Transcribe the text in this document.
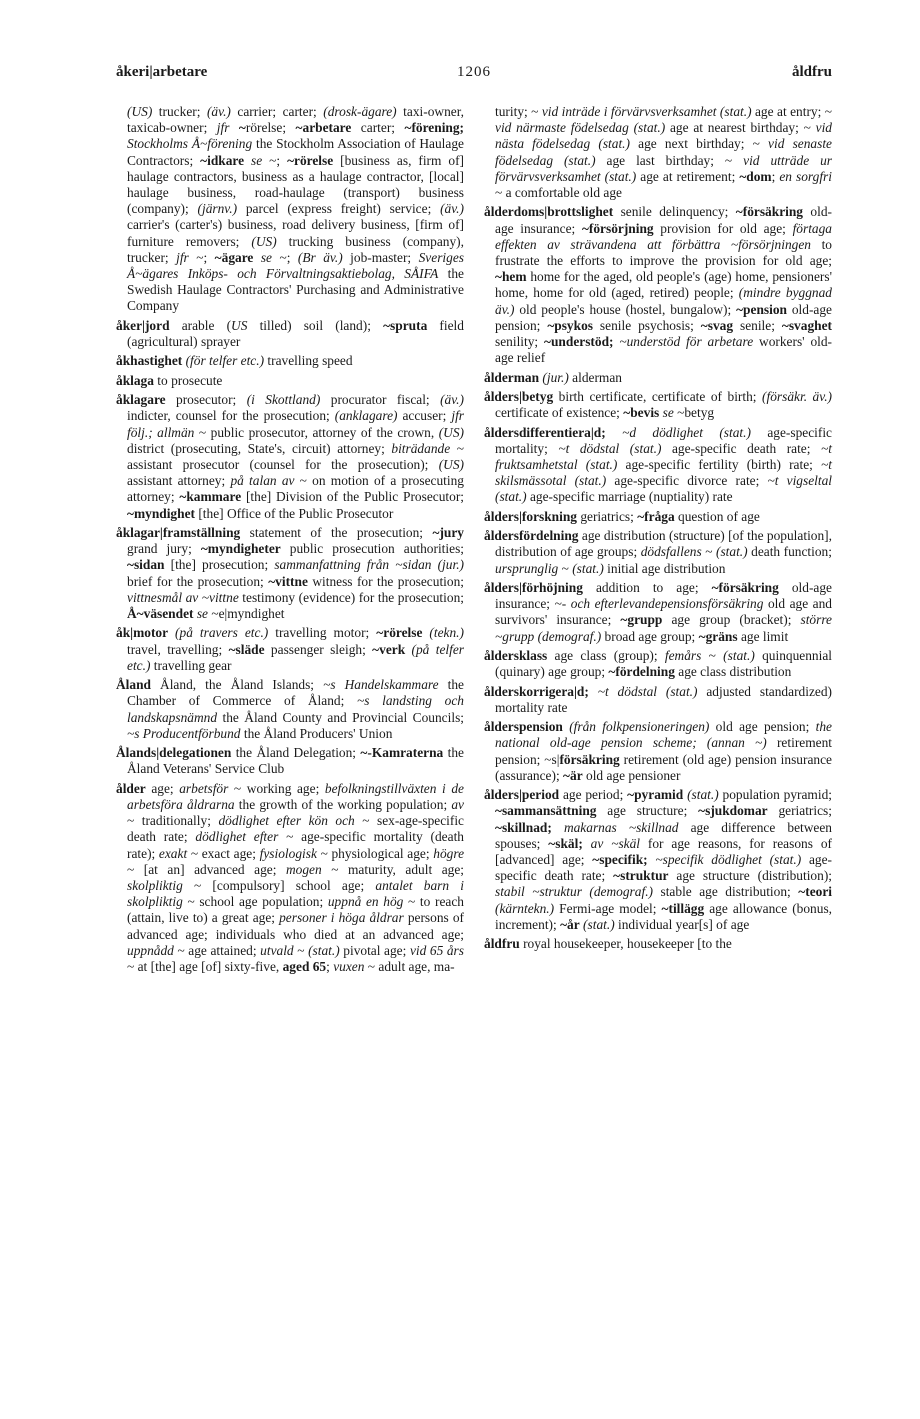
åkeri|arbetare	1206	åldfru

(US) trucker; (äv.) carrier; carter; (drosk-ägare) taxi-owner, taxicab-owner; jfr ~rörelse; ~arbetare carter; ~förening; Stockholms Å~förening the Stockholm Association of Haulage Contractors; ~idkare se ~; ~rörelse [business as, firm of] haulage contractors, business as a haulage contractor, [local] haulage business, road-haulage (transport) business (company); (järnv.) parcel (express freight) service; (äv.) carrier's (carter's) business, road delivery business, [firm of] furniture removers; (US) trucking business (company), trucker; jfr ~; ~ägare se ~; (Br äv.) job-master; Sveriges Å~ägares Inköps- och Förvaltningsaktiebolag, SÅIFA the Swedish Haulage Contractors' Purchasing and Administrative Company

åker|jord arable (US tilled) soil (land); ~spruta field (agricultural) sprayer

åkhastighet (för telfer etc.) travelling speed

åklaga to prosecute

åklagare prosecutor; (i Skottland) procurator fiscal; (äv.) indicter, counsel for the prosecution; (anklagare) accuser; jfr följ.; allmän ~ public prosecutor, attorney of the crown, (US) district (prosecuting, State's, circuit) attorney; biträdande ~ assistant prosecutor (counsel for the prosecution); (US) assistant attorney; på talan av ~ on motion of a prosecuting attorney; ~kammare [the] Division of the Public Prosecutor; ~myndighet [the] Office of the Public Prosecutor

åklagar|framställning statement of the prosecution; ~jury grand jury; ~myndigheter public prosecution authorities; ~sidan [the] prosecution; sammanfattning från ~sidan (jur.) brief for the prosecution; ~vittne witness for the prosecution; vittnesmål av ~vittne testimony (evidence) for the prosecution; Å~väsendet se ~e|myndighet

åk|motor (på travers etc.) travelling motor; ~rörelse (tekn.) travel, travelling; ~släde passenger sleigh; ~verk (på telfer etc.) travelling gear

Åland Åland, the Åland Islands; ~s Handelskammare the Chamber of Commerce of Åland; ~s landsting och landskapsnämnd the Åland County and Provincial Councils; ~s Producentförbund the Åland Producers' Union

Ålands|delegationen the Åland Delegation; ~-Kamraterna the Åland Veterans' Service Club

ålder age; arbetsför ~ working age; befolkningstillväxten i de arbetsföra åldrarna the growth of the working population; av ~ traditionally; dödlighet efter kön och ~ sex-age-specific death rate; dödlighet efter ~ age-specific mortality (death rate); exakt ~ exact age; fysiologisk ~ physiological age; högre ~ [at an] advanced age; mogen ~ maturity, adult age; skolpliktig ~ [compulsory] school age; antalet barn i skolpliktig ~ school age population; uppnå en hög ~ to reach (attain, live to) a great age; personer i höga åldrar persons of advanced age; individuals who died at an advanced age; uppnådd ~ age attained; utvald ~ (stat.) pivotal age; vid 65 års ~ at [the] age [of] sixty-five, aged 65; vuxen ~ adult age, ma-

turity; ~ vid inträde i förvärvsverksamhet (stat.) age at entry; ~ vid närmaste födelsedag (stat.) age at nearest birthday; ~ vid nästa födelsedag (stat.) age next birthday; ~ vid senaste födelsedag (stat.) age last birthday; ~ vid utträde ur förvärvsverksamhet (stat.) age at retirement; ~dom; en sorgfri ~ a comfortable old age

ålderdoms|brottslighet senile delinquency; ~försäkring old-age insurance; ~försörjning provision for old age; förtaga effekten av strävandena att förbättra ~försörjningen to frustrate the efforts to improve the provision for old age; ~hem home for the aged, old people's (age) home, pensioners' home, home for old (aged, retired) people; (mindre byggnad äv.) old people's house (hostel, bungalow); ~pension old-age pension; ~psykos senile psychosis; ~svag senile; ~svaghet senility; ~understöd; ~understöd för arbetare workers' old-age relief

ålderman (jur.) alderman

ålders|betyg birth certificate, certificate of birth; (försäkr. äv.) certificate of existence; ~bevis se ~betyg

åldersdifferentiera|d; ~d dödlighet (stat.) age-specific mortality; ~t dödstal (stat.) age-specific death rate; ~t fruktsamhetstal (stat.) age-specific fertility (birth) rate; ~t skilsmässotal (stat.) age-specific divorce rate; ~t vigseltal (stat.) age-specific marriage (nuptiality) rate

ålders|forskning geriatrics; ~fråga question of age

åldersfördelning age distribution (structure) [of the population], distribution of age groups; dödsfallens ~ (stat.) death function; ursprunglig ~ (stat.) initial age distribution

ålders|förhöjning addition to age; ~försäkring old-age insurance; ~- och efterlevandepensionsförsäkring old age and survivors' insurance; ~grupp age group (bracket); större ~grupp (demograf.) broad age group; ~gräns age limit

åldersklass age class (group); femårs ~ (stat.) quinquennial (quinary) age group; ~fördelning age class distribution

ålderskorrigera|d; ~t dödstal (stat.) adjusted standardized) mortality rate

ålderspension (från folkpensioneringen) old age pension; the national old-age pension scheme; (annan ~) retirement pension; ~s|försäkring retirement (old age) pension insurance (assurance); ~är old age pensioner

ålders|period age period; ~pyramid (stat.) population pyramid; ~sammansättning age structure; ~sjukdomar geriatrics; ~skillnad; makarnas ~skillnad age difference between spouses; ~skäl; av ~skäl for age reasons, for reasons of [advanced] age; ~specifik; ~specifik dödlighet (stat.) age-specific death rate; ~struktur age structure (distribution); stabil ~struktur (demograf.) stable age distribution; ~teori (kärntekn.) Fermi-age model; ~tillägg age allowance (bonus, increment); ~år (stat.) individual year[s] of age

åldfru royal housekeeper, housekeeper [to the
